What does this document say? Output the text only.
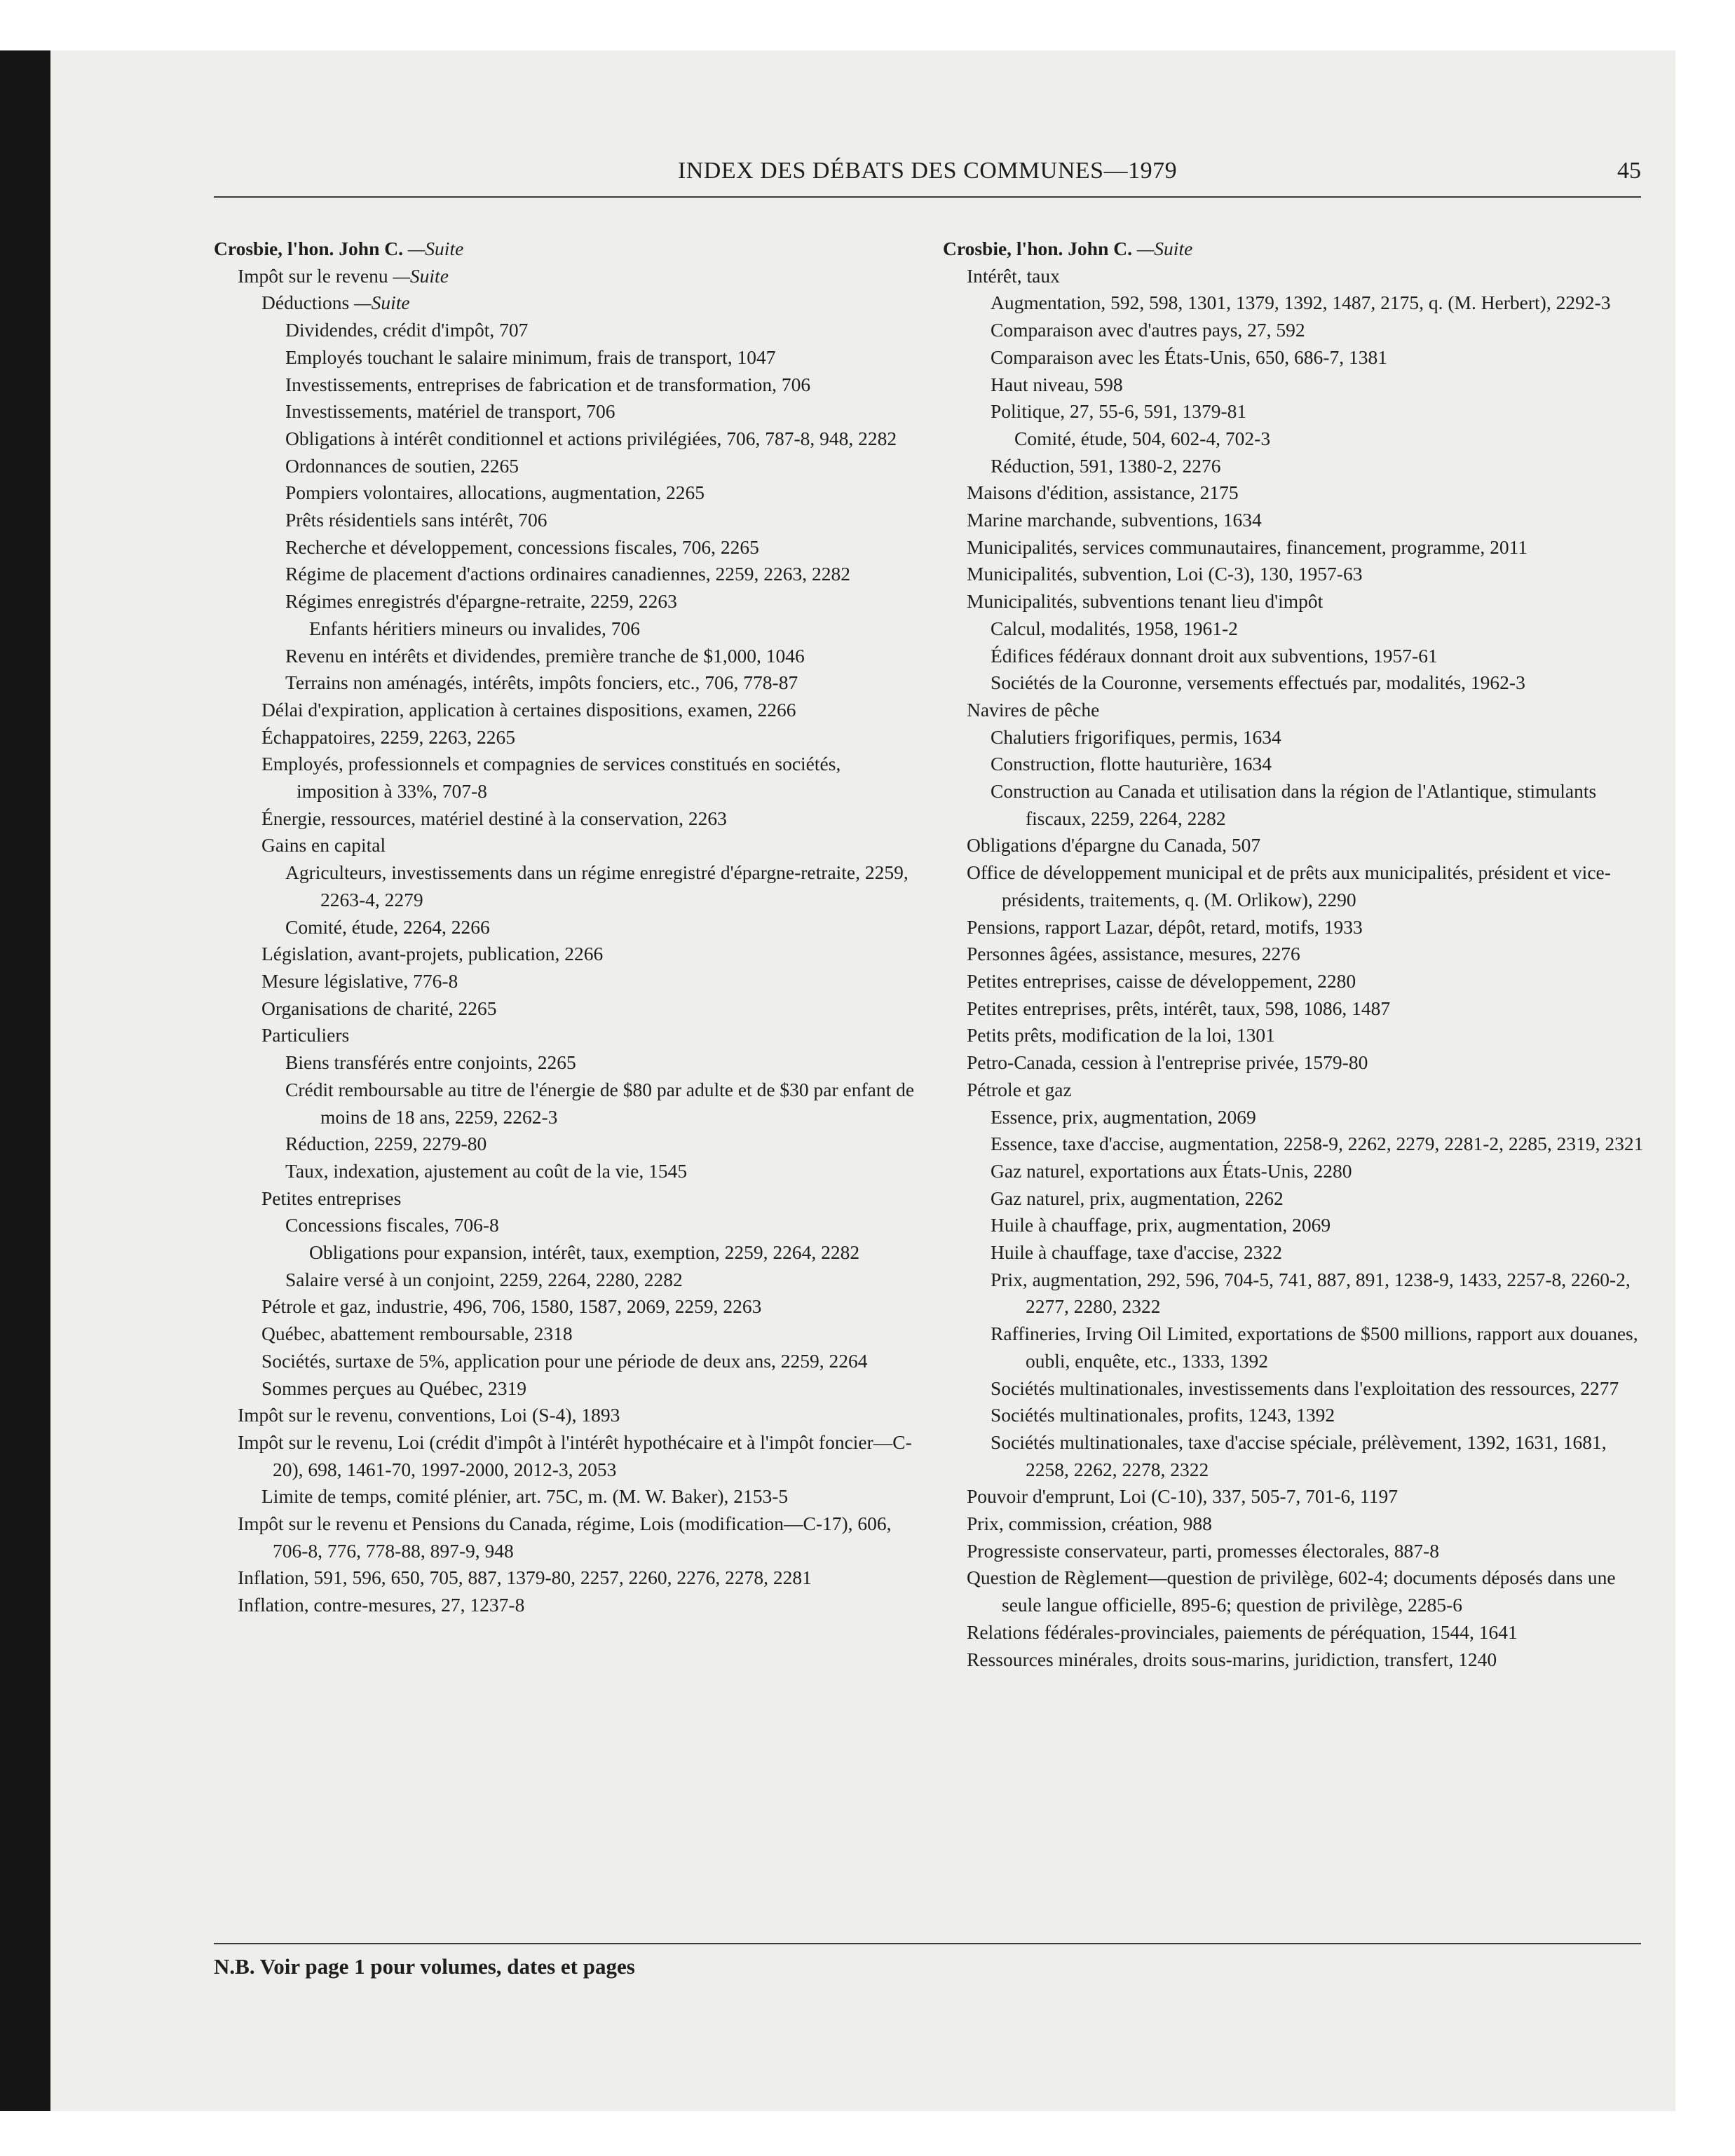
INDEX DES DÉBATS DES COMMUNES—1979	45
Crosbie, l'hon. John C. —Suite
Impôt sur le revenu —Suite
Déductions —Suite
Dividendes, crédit d'impôt, 707
Employés touchant le salaire minimum, frais de transport, 1047
Investissements, entreprises de fabrication et de transformation, 706
Investissements, matériel de transport, 706
Obligations à intérêt conditionnel et actions privilégiées, 706, 787-8, 948, 2282
Ordonnances de soutien, 2265
Pompiers volontaires, allocations, augmentation, 2265
Prêts résidentiels sans intérêt, 706
Recherche et développement, concessions fiscales, 706, 2265
Régime de placement d'actions ordinaires canadiennes, 2259, 2263, 2282
Régimes enregistrés d'épargne-retraite, 2259, 2263
Enfants héritiers mineurs ou invalides, 706
Revenu en intérêts et dividendes, première tranche de $1,000, 1046
Terrains non aménagés, intérêts, impôts fonciers, etc., 706, 778-87
Délai d'expiration, application à certaines dispositions, examen, 2266
Échappatoires, 2259, 2263, 2265
Employés, professionnels et compagnies de services constitués en sociétés, imposition à 33%, 707-8
Énergie, ressources, matériel destiné à la conservation, 2263
Gains en capital
Agriculteurs, investissements dans un régime enregistré d'épargne-retraite, 2259, 2263-4, 2279
Comité, étude, 2264, 2266
Législation, avant-projets, publication, 2266
Mesure législative, 776-8
Organisations de charité, 2265
Particuliers
Biens transférés entre conjoints, 2265
Crédit remboursable au titre de l'énergie de $80 par adulte et de $30 par enfant de moins de 18 ans, 2259, 2262-3
Réduction, 2259, 2279-80
Taux, indexation, ajustement au coût de la vie, 1545
Petites entreprises
Concessions fiscales, 706-8
Obligations pour expansion, intérêt, taux, exemption, 2259, 2264, 2282
Salaire versé à un conjoint, 2259, 2264, 2280, 2282
Pétrole et gaz, industrie, 496, 706, 1580, 1587, 2069, 2259, 2263
Québec, abattement remboursable, 2318
Sociétés, surtaxe de 5%, application pour une période de deux ans, 2259, 2264
Sommes perçues au Québec, 2319
Impôt sur le revenu, conventions, Loi (S-4), 1893
Impôt sur le revenu, Loi (crédit d'impôt à l'intérêt hypothécaire et à l'impôt foncier—C-20), 698, 1461-70, 1997-2000, 2012-3, 2053
Limite de temps, comité plénier, art. 75C, m. (M. W. Baker), 2153-5
Impôt sur le revenu et Pensions du Canada, régime, Lois (modification—C-17), 606, 706-8, 776, 778-88, 897-9, 948
Inflation, 591, 596, 650, 705, 887, 1379-80, 2257, 2260, 2276, 2278, 2281
Inflation, contre-mesures, 27, 1237-8
Crosbie, l'hon. John C. —Suite
Intérêt, taux
Augmentation, 592, 598, 1301, 1379, 1392, 1487, 2175, q. (M. Herbert), 2292-3
Comparaison avec d'autres pays, 27, 592
Comparaison avec les États-Unis, 650, 686-7, 1381
Haut niveau, 598
Politique, 27, 55-6, 591, 1379-81
Comité, étude, 504, 602-4, 702-3
Réduction, 591, 1380-2, 2276
Maisons d'édition, assistance, 2175
Marine marchande, subventions, 1634
Municipalités, services communautaires, financement, programme, 2011
Municipalités, subvention, Loi (C-3), 130, 1957-63
Municipalités, subventions tenant lieu d'impôt
Calcul, modalités, 1958, 1961-2
Édifices fédéraux donnant droit aux subventions, 1957-61
Sociétés de la Couronne, versements effectués par, modalités, 1962-3
Navires de pêche
Chalutiers frigorifiques, permis, 1634
Construction, flotte hauturière, 1634
Construction au Canada et utilisation dans la région de l'Atlantique, stimulants fiscaux, 2259, 2264, 2282
Obligations d'épargne du Canada, 507
Office de développement municipal et de prêts aux municipalités, président et vice-présidents, traitements, q. (M. Orlikow), 2290
Pensions, rapport Lazar, dépôt, retard, motifs, 1933
Personnes âgées, assistance, mesures, 2276
Petites entreprises, caisse de développement, 2280
Petites entreprises, prêts, intérêt, taux, 598, 1086, 1487
Petits prêts, modification de la loi, 1301
Petro-Canada, cession à l'entreprise privée, 1579-80
Pétrole et gaz
Essence, prix, augmentation, 2069
Essence, taxe d'accise, augmentation, 2258-9, 2262, 2279, 2281-2, 2285, 2319, 2321
Gaz naturel, exportations aux États-Unis, 2280
Gaz naturel, prix, augmentation, 2262
Huile à chauffage, prix, augmentation, 2069
Huile à chauffage, taxe d'accise, 2322
Prix, augmentation, 292, 596, 704-5, 741, 887, 891, 1238-9, 1433, 2257-8, 2260-2, 2277, 2280, 2322
Raffineries, Irving Oil Limited, exportations de $500 millions, rapport aux douanes, oubli, enquête, etc., 1333, 1392
Sociétés multinationales, investissements dans l'exploitation des ressources, 2277
Sociétés multinationales, profits, 1243, 1392
Sociétés multinationales, taxe d'accise spéciale, prélèvement, 1392, 1631, 1681, 2258, 2262, 2278, 2322
Pouvoir d'emprunt, Loi (C-10), 337, 505-7, 701-6, 1197
Prix, commission, création, 988
Progressiste conservateur, parti, promesses électorales, 887-8
Question de Règlement—question de privilège, 602-4; documents déposés dans une seule langue officielle, 895-6; question de privilège, 2285-6
Relations fédérales-provinciales, paiements de péréquation, 1544, 1641
Ressources minérales, droits sous-marins, juridiction, transfert, 1240
N.B. Voir page 1 pour volumes, dates et pages
